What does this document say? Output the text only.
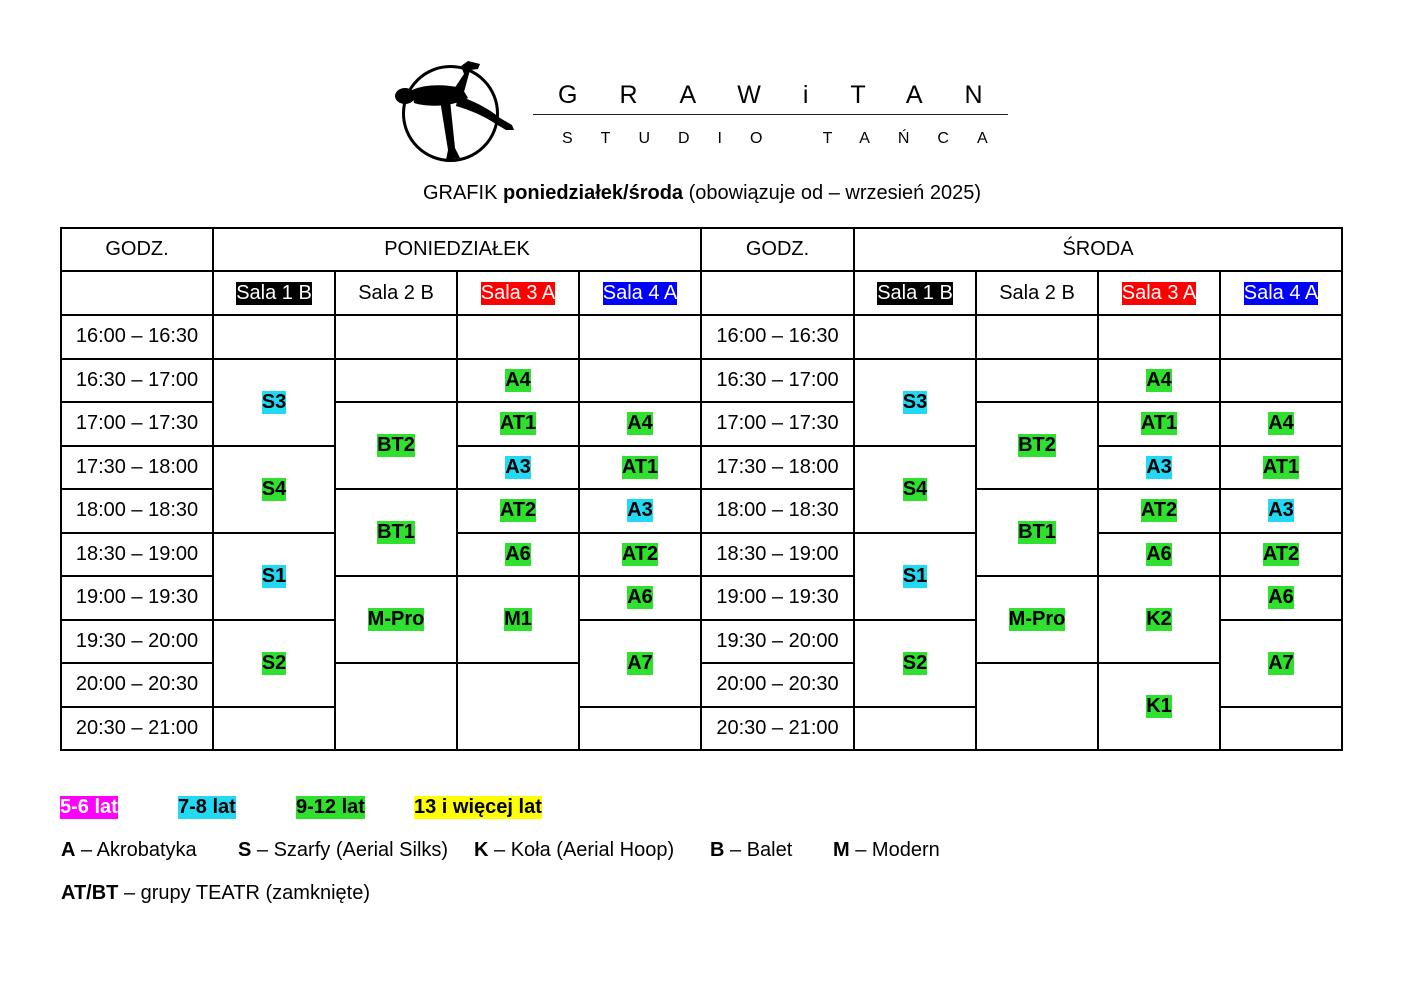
GRAWiTAN
STUDIO TAŃCA
GRAFIK poniedziałek/środa (obowiązuje od – wrzesień 2025)
GODZ.
16:00 – 16:30
16:30 – 17:00
17:00 – 17:30
17:30 – 18:00
18:00 – 18:30
18:30 – 19:00
19:00 – 19:30
19:30 – 20:00
20:00 – 20:30
20:30 – 21:00
PONIEDZIAŁEK
Sala 1 B
S3
S4
S1
S2
Sala 2 B
BT2
BT1
M-Pro
Sala 3 A
A4
AT1
A3
AT2
A6
M1
Sala 4 A
A4
AT1
A3
AT2
A6
A7
GODZ.
16:00 – 16:30
16:30 – 17:00
17:00 – 17:30
17:30 – 18:00
18:00 – 18:30
18:30 – 19:00
19:00 – 19:30
19:30 – 20:00
20:00 – 20:30
20:30 – 21:00
ŚRODA
Sala 1 B
S3
S4
S1
S2
Sala 2 B
BT2
BT1
M-Pro
Sala 3 A
A4
AT1
A3
AT2
A6
K2
K1
Sala 4 A
A4
AT1
A3
AT2
A6
A7
5-6 lat	7-8 lat	9-12 lat 13 i więcej lat
A – Akrobatyka S – Szarfy (Aerial Silks) K – Koła (Aerial Hoop) B – Balet M – Modern
AT/BT – grupy TEATR (zamknięte)
